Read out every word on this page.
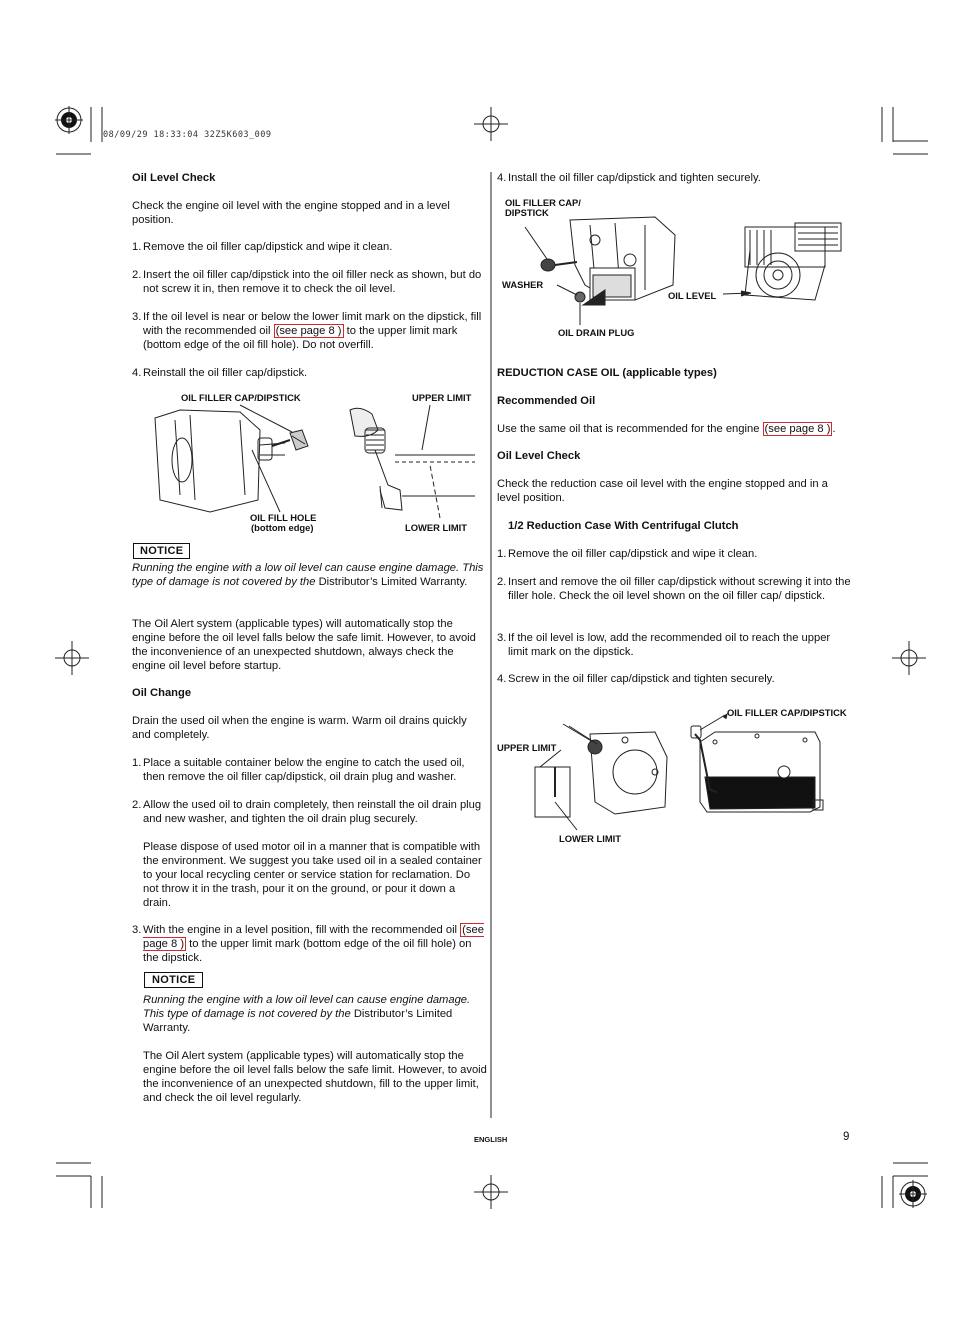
08/09/29 18:33:04 32Z5K603_009
Oil Level Check
Check the engine oil level with the engine stopped and in a level position.
1. Remove the oil filler cap/dipstick and wipe it clean.
2. Insert the oil filler cap/dipstick into the oil filler neck as shown, but do not screw it in, then remove it to check the oil level.
3. If the oil level is near or below the lower limit mark on the dipstick, fill with the recommended oil (see page 8 ) to the upper limit mark (bottom edge of the oil fill hole). Do not overfill.
4. Reinstall the oil filler cap/dipstick.
OIL FILLER CAP/DIPSTICK	UPPER LIMIT
OIL FILL HOLE
(bottom edge)	LOWER LIMIT
NOTICE
Running the engine with a low oil level can cause engine damage. This type of damage is not covered by the Distributor’s Limited Warranty.
The Oil Alert system (applicable types) will automatically stop the engine before the oil level falls below the safe limit. However, to avoid the inconvenience of an unexpected shutdown, always check the engine oil level before startup.
Oil Change
Drain the used oil when the engine is warm. Warm oil drains quickly and completely.
1. Place a suitable container below the engine to catch the used oil, then remove the oil filler cap/dipstick, oil drain plug and washer.
2. Allow the used oil to drain completely, then reinstall the oil drain plug and new washer, and tighten the oil drain plug securely.
Please dispose of used motor oil in a manner that is compatible with the environment. We suggest you take used oil in a sealed container to your local recycling center or service station for reclamation. Do not throw it in the trash, pour it on the ground, or pour it down a drain.
3. With the engine in a level position, fill with the recommended oil (see page 8 ) to the upper limit mark (bottom edge of the oil fill hole) on the dipstick.
NOTICE
Running the engine with a low oil level can cause engine damage. This type of damage is not covered by the Distributor’s Limited Warranty.
The Oil Alert system (applicable types) will automatically stop the engine before the oil level falls below the safe limit. However, to avoid the inconvenience of an unexpected shutdown, fill to the upper limit, and check the oil level regularly.
4. Install the oil filler cap/dipstick and tighten securely.
OIL FILLER CAP/
DIPSTICK
WASHER
OIL LEVEL
OIL DRAIN PLUG
REDUCTION CASE OIL (applicable types)
Recommended Oil
Use the same oil that is recommended for the engine (see page 8 ) .
Oil Level Check
Check the reduction case oil level with the engine stopped and in a level position.
1/2 Reduction Case With Centrifugal Clutch
1. Remove the oil filler cap/dipstick and wipe it clean.
2. Insert and remove the oil filler cap/dipstick without screwing it into the filler hole. Check the oil level shown on the oil filler cap/ dipstick.
3. If the oil level is low, add the recommended oil to reach the upper limit mark on the dipstick.
4. Screw in the oil filler cap/dipstick and tighten securely.
OIL FILLER CAP/DIPSTICK
UPPER LIMIT
LOWER LIMIT
ENGLISH	9
